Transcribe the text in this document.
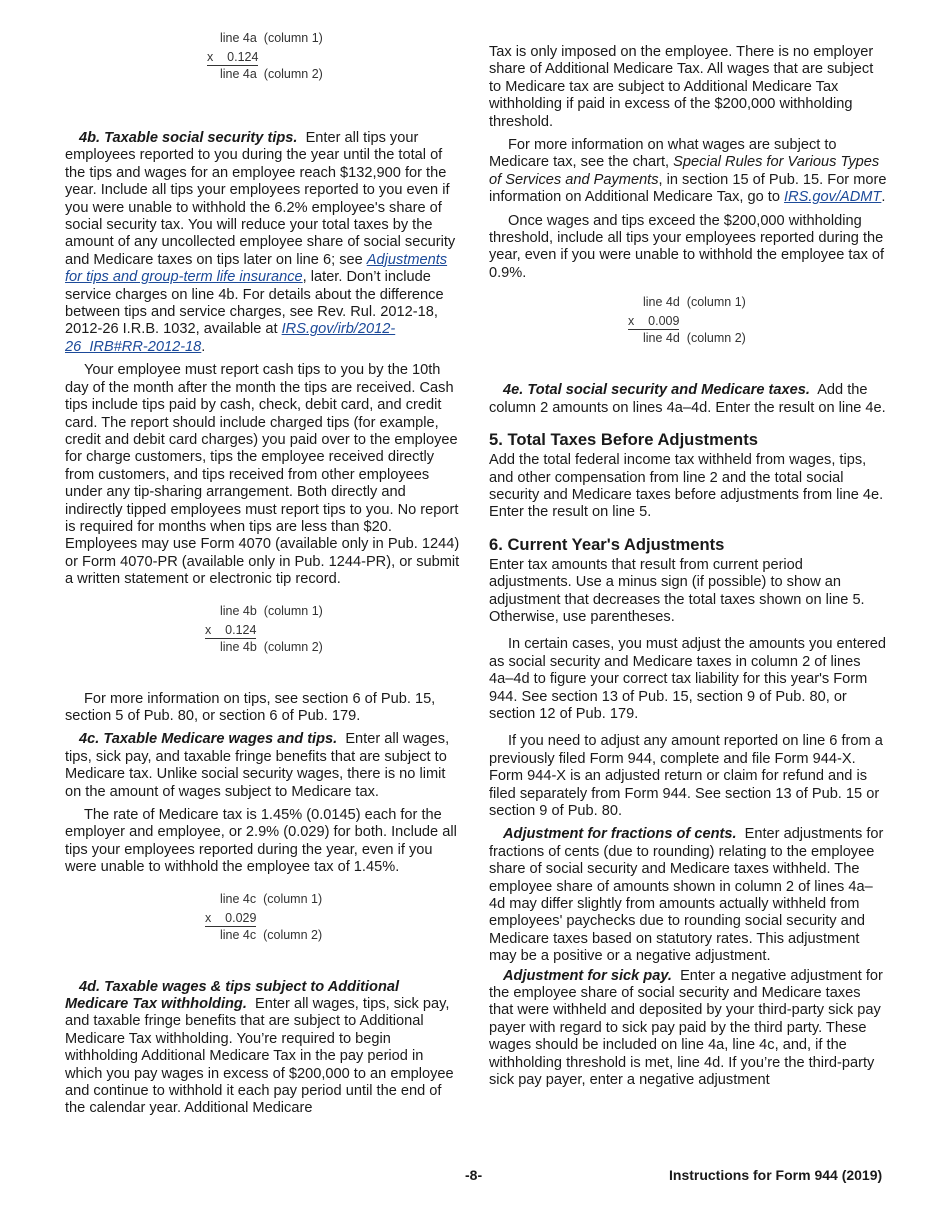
line 4a  (column 1)
x 0.124
line 4a  (column 2)

4b. Taxable social security tips. Enter all tips your employees reported to you during the year until the total of the tips and wages for an employee reach $132,900 for the year. Include all tips your employees reported to you even if you were unable to withhold the 6.2% employee's share of social security tax. You will reduce your total taxes by the amount of any uncollected employee share of social security and Medicare taxes on tips later on line 6; see Adjustments for tips and group-term life insurance, later. Don’t include service charges on line 4b. For details about the difference between tips and service charges, see Rev. Rul. 2012-18, 2012-26 I.R.B. 1032, available at IRS.gov/irb/2012-26_IRB#RR-2012-18.

Your employee must report cash tips to you by the 10th day of the month after the month the tips are received. Cash tips include tips paid by cash, check, debit card, and credit card. The report should include charged tips (for example, credit and debit card charges) you paid over to the employee for charge customers, tips the employee received directly from customers, and tips received from other employees under any tip-sharing arrangement. Both directly and indirectly tipped employees must report tips to you. No report is required for months when tips are less than $20. Employees may use Form 4070 (available only in Pub. 1244) or Form 4070-PR (available only in Pub. 1244-PR), or submit a written statement or electronic tip record.

line 4b  (column 1)
x 0.124
line 4b  (column 2)

For more information on tips, see section 6 of Pub. 15, section 5 of Pub. 80, or section 6 of Pub. 179.

4c. Taxable Medicare wages and tips. Enter all wages, tips, sick pay, and taxable fringe benefits that are subject to Medicare tax. Unlike social security wages, there is no limit on the amount of wages subject to Medicare tax.

The rate of Medicare tax is 1.45% (0.0145) each for the employer and employee, or 2.9% (0.029) for both. Include all tips your employees reported during the year, even if you were unable to withhold the employee tax of 1.45%.

line 4c  (column 1)
x 0.029
line 4c  (column 2)

4d. Taxable wages & tips subject to Additional Medicare Tax withholding. Enter all wages, tips, sick pay, and taxable fringe benefits that are subject to Additional Medicare Tax withholding. You’re required to begin withholding Additional Medicare Tax in the pay period in which you pay wages in excess of $200,000 to an employee and continue to withhold it each pay period until the end of the calendar year. Additional Medicare

Tax is only imposed on the employee. There is no employer share of Additional Medicare Tax. All wages that are subject to Medicare tax are subject to Additional Medicare Tax withholding if paid in excess of the $200,000 withholding threshold.

For more information on what wages are subject to Medicare tax, see the chart, Special Rules for Various Types of Services and Payments, in section 15 of Pub. 15. For more information on Additional Medicare Tax, go to IRS.gov/ADMT.

Once wages and tips exceed the $200,000 withholding threshold, include all tips your employees reported during the year, even if you were unable to withhold the employee tax of 0.9%.

line 4d  (column 1)
x 0.009
line 4d  (column 2)

4e. Total social security and Medicare taxes. Add the column 2 amounts on lines 4a–4d. Enter the result on line 4e.

5. Total Taxes Before Adjustments

Add the total federal income tax withheld from wages, tips, and other compensation from line 2 and the total social security and Medicare taxes before adjustments from line 4e. Enter the result on line 5.

6. Current Year's Adjustments

Enter tax amounts that result from current period adjustments. Use a minus sign (if possible) to show an adjustment that decreases the total taxes shown on line 5. Otherwise, use parentheses.

In certain cases, you must adjust the amounts you entered as social security and Medicare taxes in column 2 of lines 4a–4d to figure your correct tax liability for this year's Form 944. See section 13 of Pub. 15, section 9 of Pub. 80, or section 12 of Pub. 179.

If you need to adjust any amount reported on line 6 from a previously filed Form 944, complete and file Form 944-X. Form 944-X is an adjusted return or claim for refund and is filed separately from Form 944. See section 13 of Pub. 15 or section 9 of Pub. 80.

Adjustment for fractions of cents. Enter adjustments for fractions of cents (due to rounding) relating to the employee share of social security and Medicare taxes withheld. The employee share of amounts shown in column 2 of lines 4a–4d may differ slightly from amounts actually withheld from employees' paychecks due to rounding social security and Medicare taxes based on statutory rates. This adjustment may be a positive or a negative adjustment.

Adjustment for sick pay. Enter a negative adjustment for the employee share of social security and Medicare taxes that were withheld and deposited by your third-party sick pay payer with regard to sick pay paid by the third party. These wages should be included on line 4a, line 4c, and, if the withholding threshold is met, line 4d. If you’re the third-party sick pay payer, enter a negative adjustment

-8-	Instructions for Form 944 (2019)
